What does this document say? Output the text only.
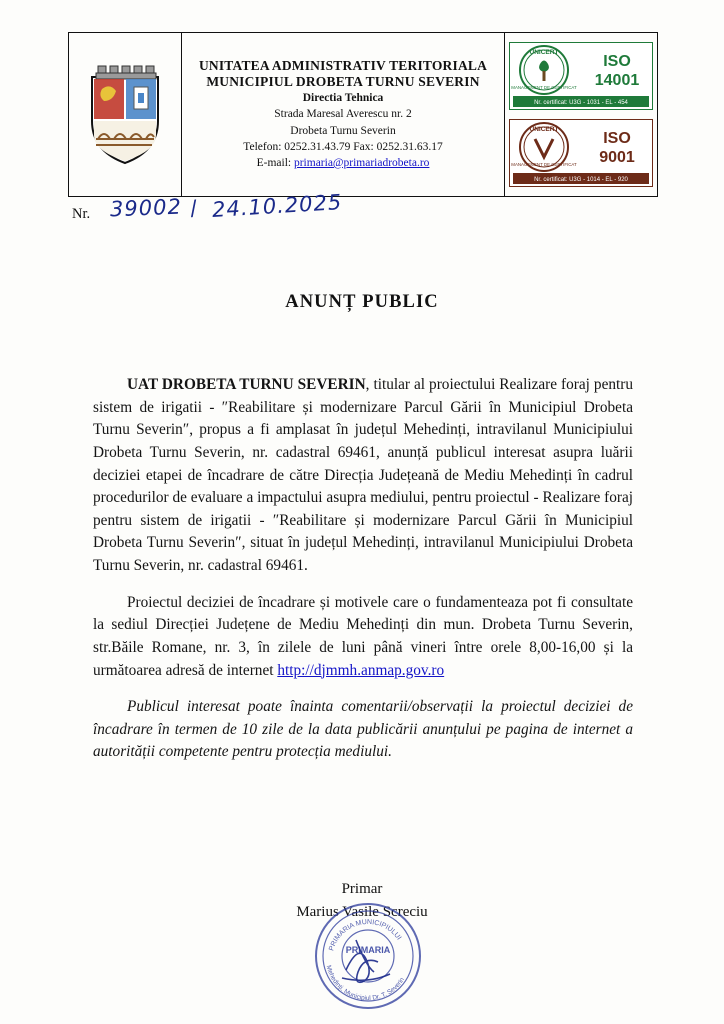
UNITATEA ADMINISTRATIV TERITORIALA
MUNICIPIUL DROBETA TURNU SEVERIN
Directia Tehnica
Strada Maresal Averescu nr. 2
Drobeta Turnu Severin
Telefon: 0252.31.43.79 Fax: 0252.31.63.17
E-mail: primaria@primariadrobeta.ro
UNICERT
MANAGEMENT DE CERTIFICAT
ISO
14001
Nr. certificat: U3G - 1031 - EL - 454
UNICERT
MANAGEMENT DE CERTIFICAT
ISO
9001
Nr. certificat: U3G - 1014 - EL - 920
Nr. 39002 / 24.10.2025
ANUNȚ PUBLIC

UAT DROBETA TURNU SEVERIN, titular al proiectului Realizare foraj pentru sistem de irigatii - ″Reabilitare și modernizare Parcul Gării în Municipiul Drobeta Turnu Severin″, propus a fi amplasat în județul Mehedinți, intravilanul Municipiului Drobeta Turnu Severin, nr. cadastral 69461, anunță publicul interesat asupra luării deciziei etapei de încadrare de către Direcția Județeană de Mediu Mehedinți în cadrul procedurilor de evaluare a impactului asupra mediului, pentru proiectul - Realizare foraj pentru sistem de irigatii - ″Reabilitare și modernizare Parcul Gării în Municipiul Drobeta Turnu Severin″, situat în județul Mehedinți, intravilanul Municipiului Drobeta Turnu Severin, nr. cadastral 69461.

Proiectul deciziei de încadrare și motivele care o fundamenteaza pot fi consultate la sediul Direcției Județene de Mediu Mehedinți din mun. Drobeta Turnu Severin, str.Băile Romane, nr. 3, în zilele de luni până vineri între orele 8,00-16,00 și la următoarea adresă de internet http://djmmh.anmap.gov.ro

Publicul interesat poate înainta comentarii/observații la proiectul deciziei de încadrare în termen de 10 zile de la data publicării anunțului pe pagina de internet a autorității competente pentru protecția mediului.

Primar
Marius Vasile Screciu
PRIMARIA MUNICIPIULUI
Mehedinți. Municipiul Dr. T. Severin
PRIMARIA
